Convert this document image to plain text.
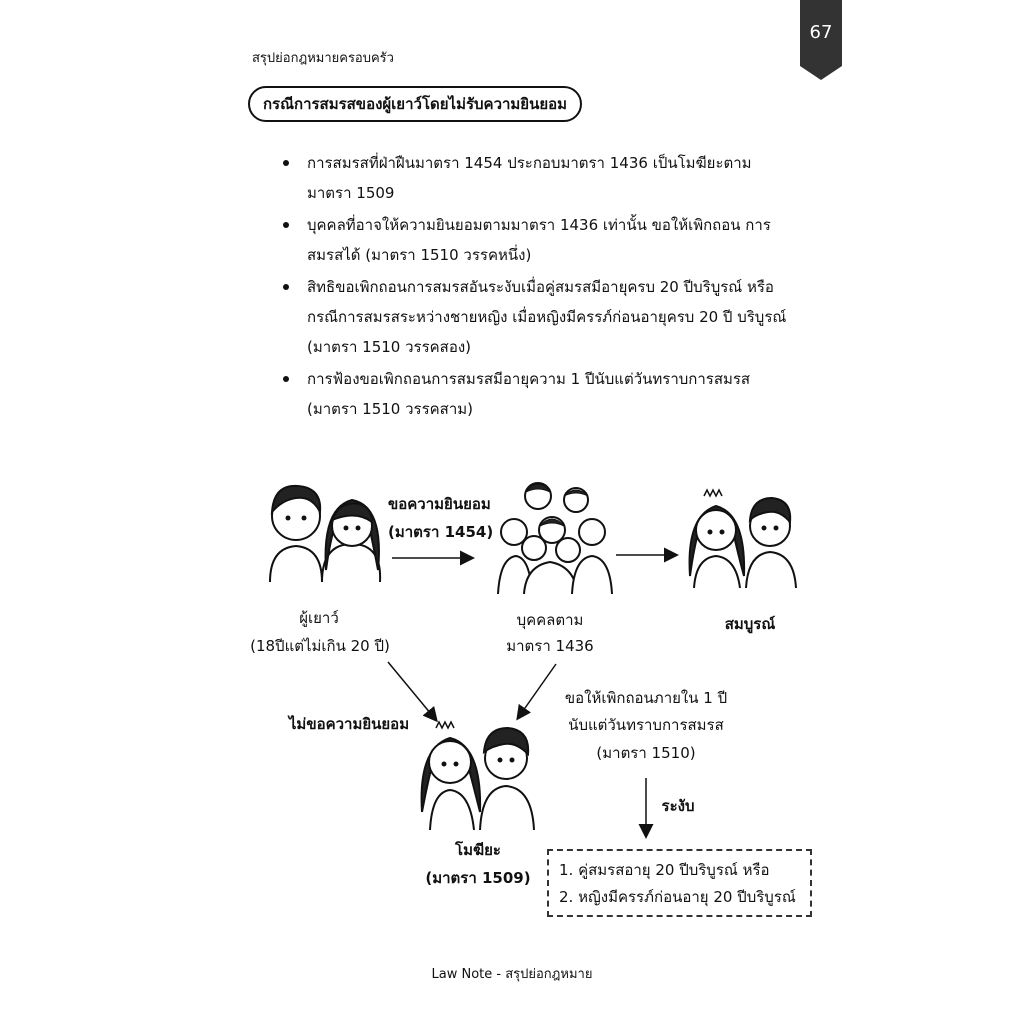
สรุปย่อกฎหมายครอบครัว
67
กรณีการสมรสของผู้เยาว์โดยไม่รับความยินยอม
การสมรสที่ฝ่าฝืนมาตรา 1454 ประกอบมาตรา 1436 เป็นโมฆียะตาม มาตรา 1509
บุคคลที่อาจให้ความยินยอมตามมาตรา 1436 เท่านั้น ขอให้เพิกถอน การสมรสได้ (มาตรา 1510 วรรคหนึ่ง)
สิทธิขอเพิกถอนการสมรสอันระงับเมื่อคู่สมรสมีอายุครบ 20 ปีบริบูรณ์ หรือกรณีการสมรสระหว่างชายหญิง เมื่อหญิงมีครรภ์ก่อนอายุครบ 20 ปี บริบูรณ์ (มาตรา 1510 วรรคสอง)
การฟ้องขอเพิกถอนการสมรสมีอายุความ 1 ปีนับแต่วันทราบการสมรส (มาตรา 1510 วรรคสาม)
ขอความยินยอม
(มาตรา 1454)
ผู้เยาว์
(18ปีแต่ไม่เกิน 20 ปี)
บุคคลตาม
มาตรา 1436
สมบูรณ์
ไม่ขอความยินยอม
ขอให้เพิกถอนภายใน 1 ปี
นับแต่วันทราบการสมรส
(มาตรา 1510)
ระงับ
โมฆียะ
(มาตรา 1509)	1. คู่สมรสอายุ 20 ปีบริบูรณ์ หรือ
2. หญิงมีครรภ์ก่อนอายุ 20 ปีบริบูรณ์
Law Note - สรุปย่อกฎหมาย
